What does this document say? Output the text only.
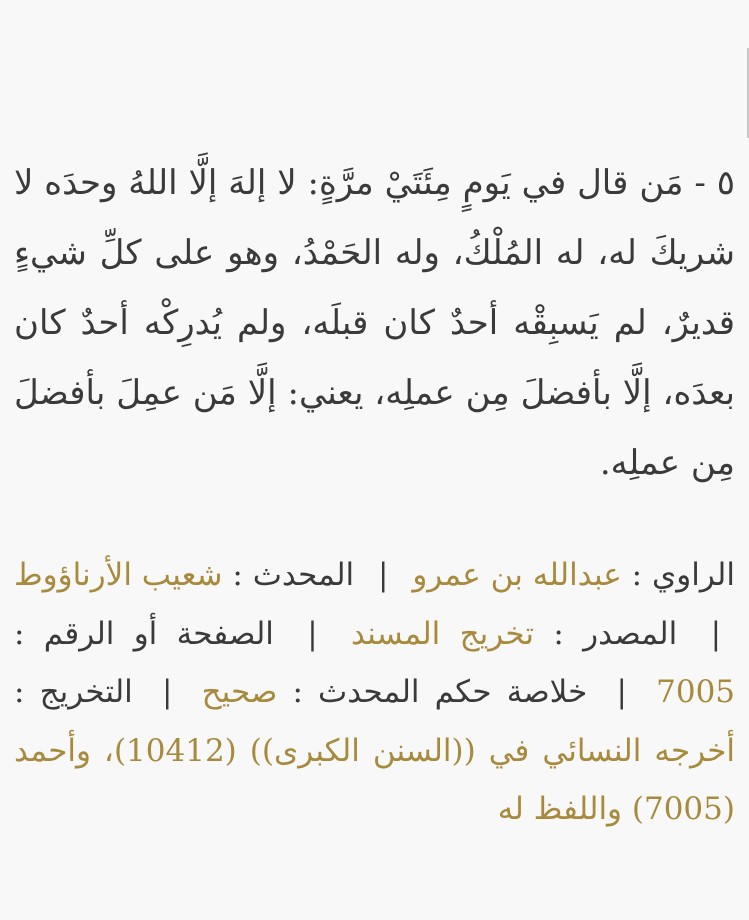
٥ - مَن قال في يَومٍ مِئَتَيْ مرَّةٍ: لا إلهَ إلَّا اللهُ وحدَه لا شريكَ له، له المُلْكُ، وله الحَمْدُ، وهو على كلِّ شيءٍ قديرٌ، لم يَسبِقْه أحدٌ كان قبلَه، ولم يُدرِكْه أحدٌ كان بعدَه، إلَّا بأفضلَ مِن عملِه، يعني: إلَّا مَن عمِلَ بأفضلَ مِن عملِه.

الراوي : عبدالله بن عمرو | المحدث : شعيب الأرناؤوط | المصدر : تخريج المسند | الصفحة أو الرقم : 7005 | خلاصة حكم المحدث : صحيح | التخريج : أخرجه النسائي في ((السنن الكبرى)) (10412)، وأحمد (7005) واللفظ له
